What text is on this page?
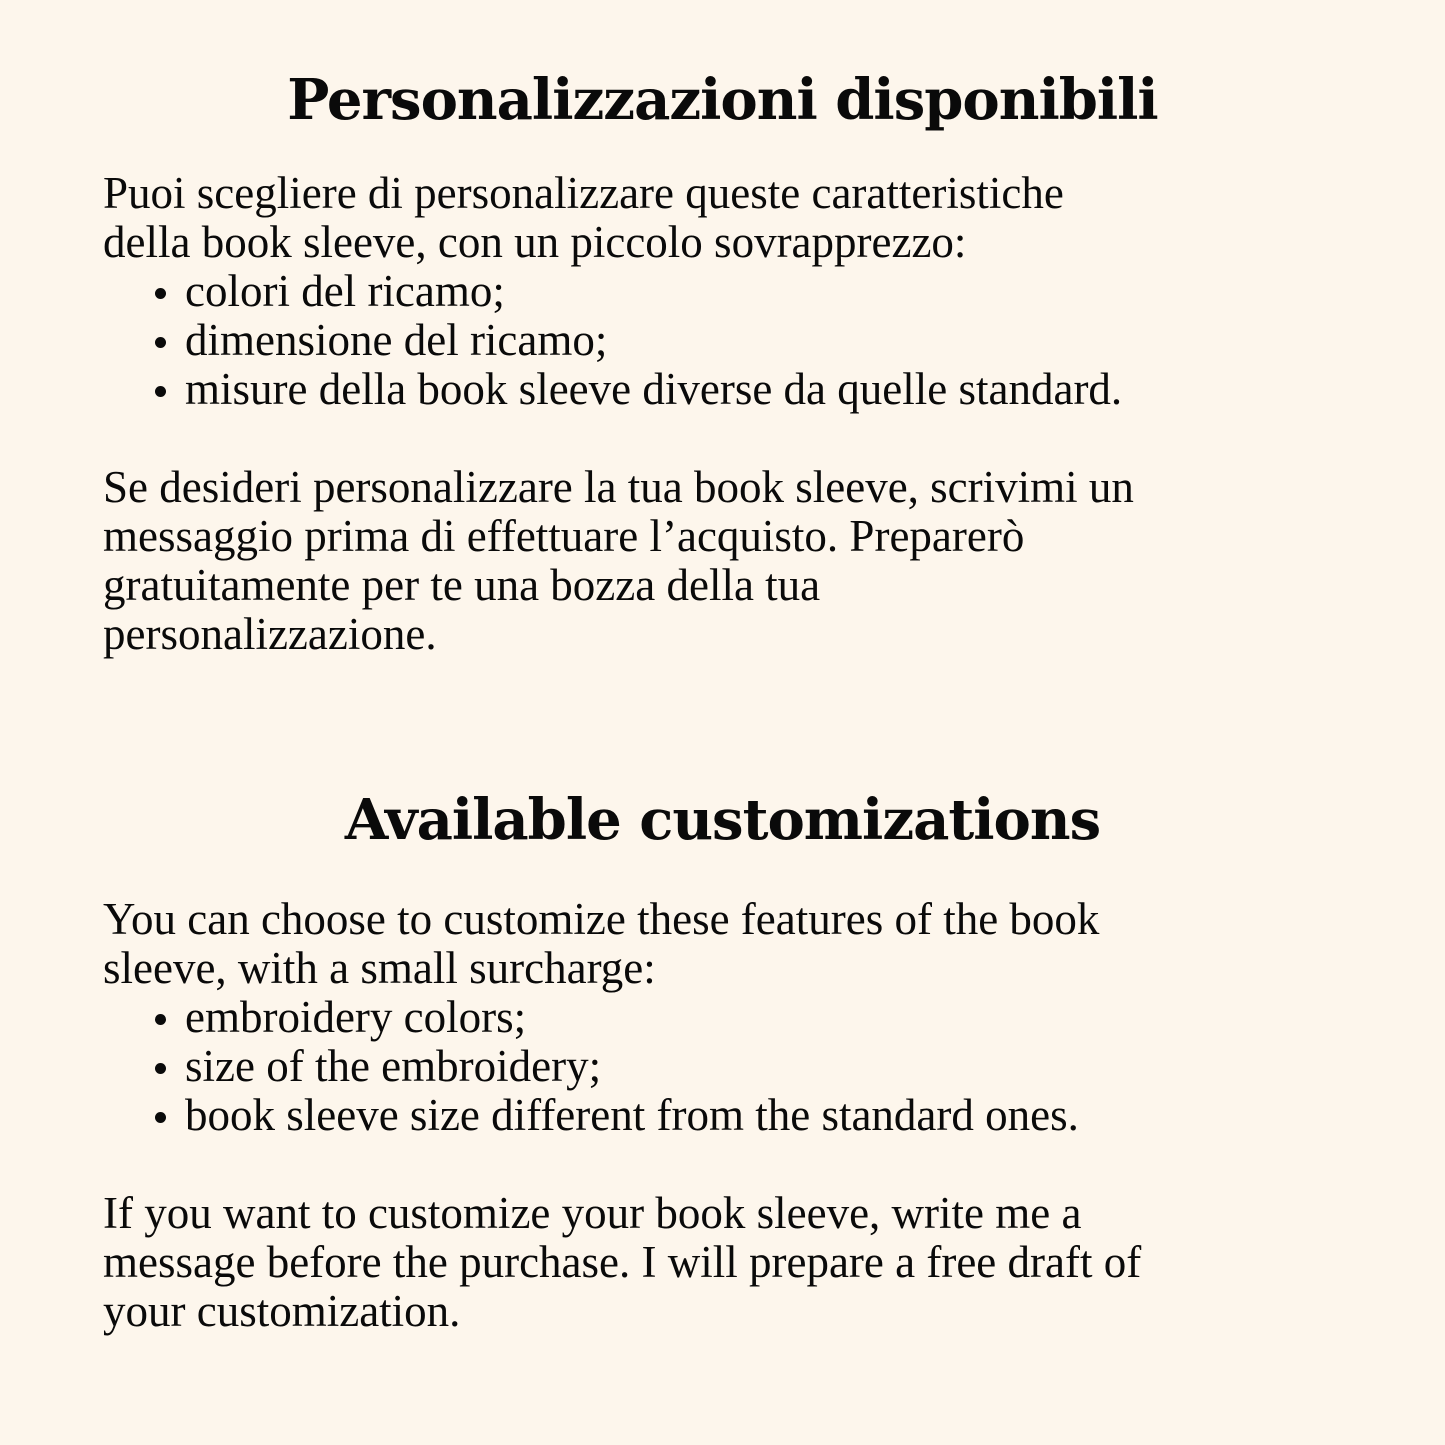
Personalizzazioni disponibili

Puoi scegliere di personalizzare queste caratteristiche

della book sleeve, con un piccolo sovrapprezzo:

colori del ricamo;
dimensione del ricamo;
misure della book sleeve diverse da quelle standard.

Se desideri personalizzare la tua book sleeve, scrivimi un

messaggio prima di effettuare l’acquisto. Preparerò

gratuitamente per te una bozza della tua

personalizzazione.

Available customizations

You can choose to customize these features of the book

sleeve, with a small surcharge:

embroidery colors;
size of the embroidery;
book sleeve size different from the standard ones.

If you want to customize your book sleeve, write me a

message before the purchase. I will prepare a free draft of

your customization.
